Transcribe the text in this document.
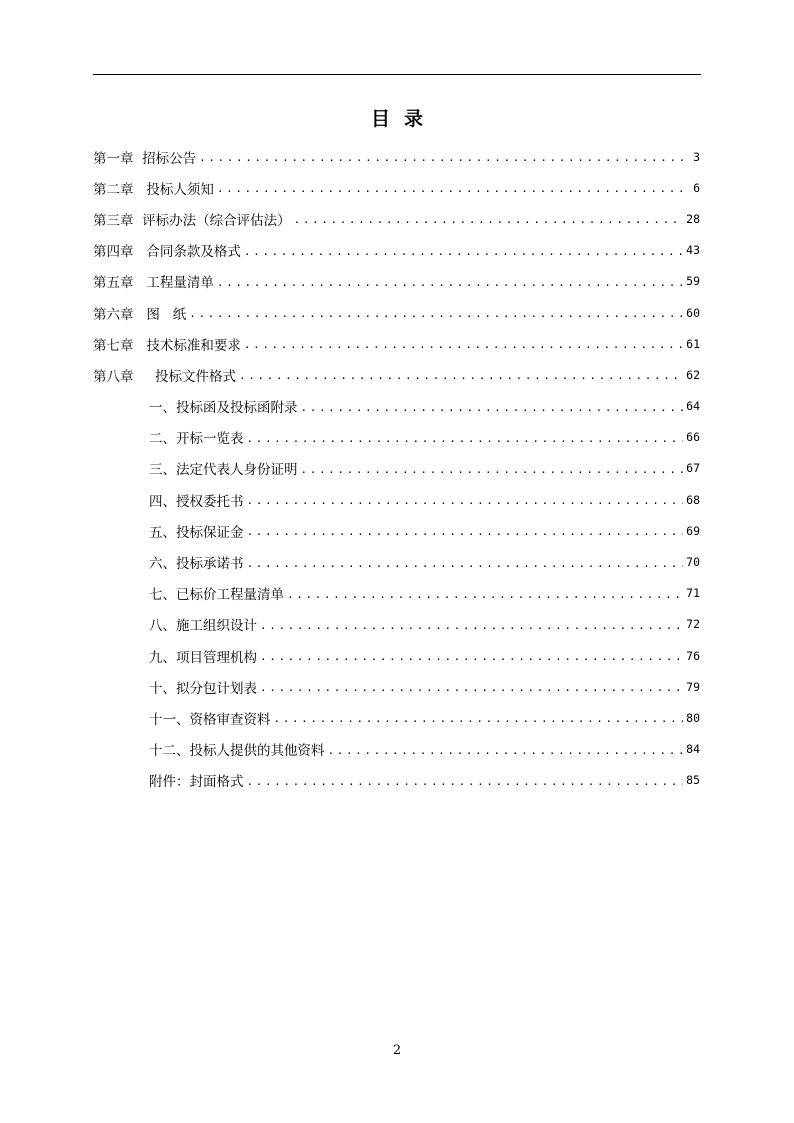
目录
第一章  招标公告 .....	3
第二章   投标人须知 .....	6
第三章  评标办法（综合评估法） .....	28
第四章   合同条款及格式 .....	43
第五章   工程量清单 .....	59
第六章   图   纸 .....	60
第七章   技术标准和要求 .....	61
第八章     投标文件格式 .....	62
一、投标函及投标函附录 .....	64
二、开标一览表 .....	66
三、法定代表人身份证明 .....	67
四、授权委托书 .....	68
五、投标保证金 .....	69
六、投标承诺书 .....	70
七、已标价工程量清单 .....	71
八、施工组织设计 .....	72
九、项目管理机构 .....	76
十、拟分包计划表 .....	79
十一、资格审查资料 .....	80
十二、投标人提供的其他资料 .....	84
附件：封面格式 .....	85
2
